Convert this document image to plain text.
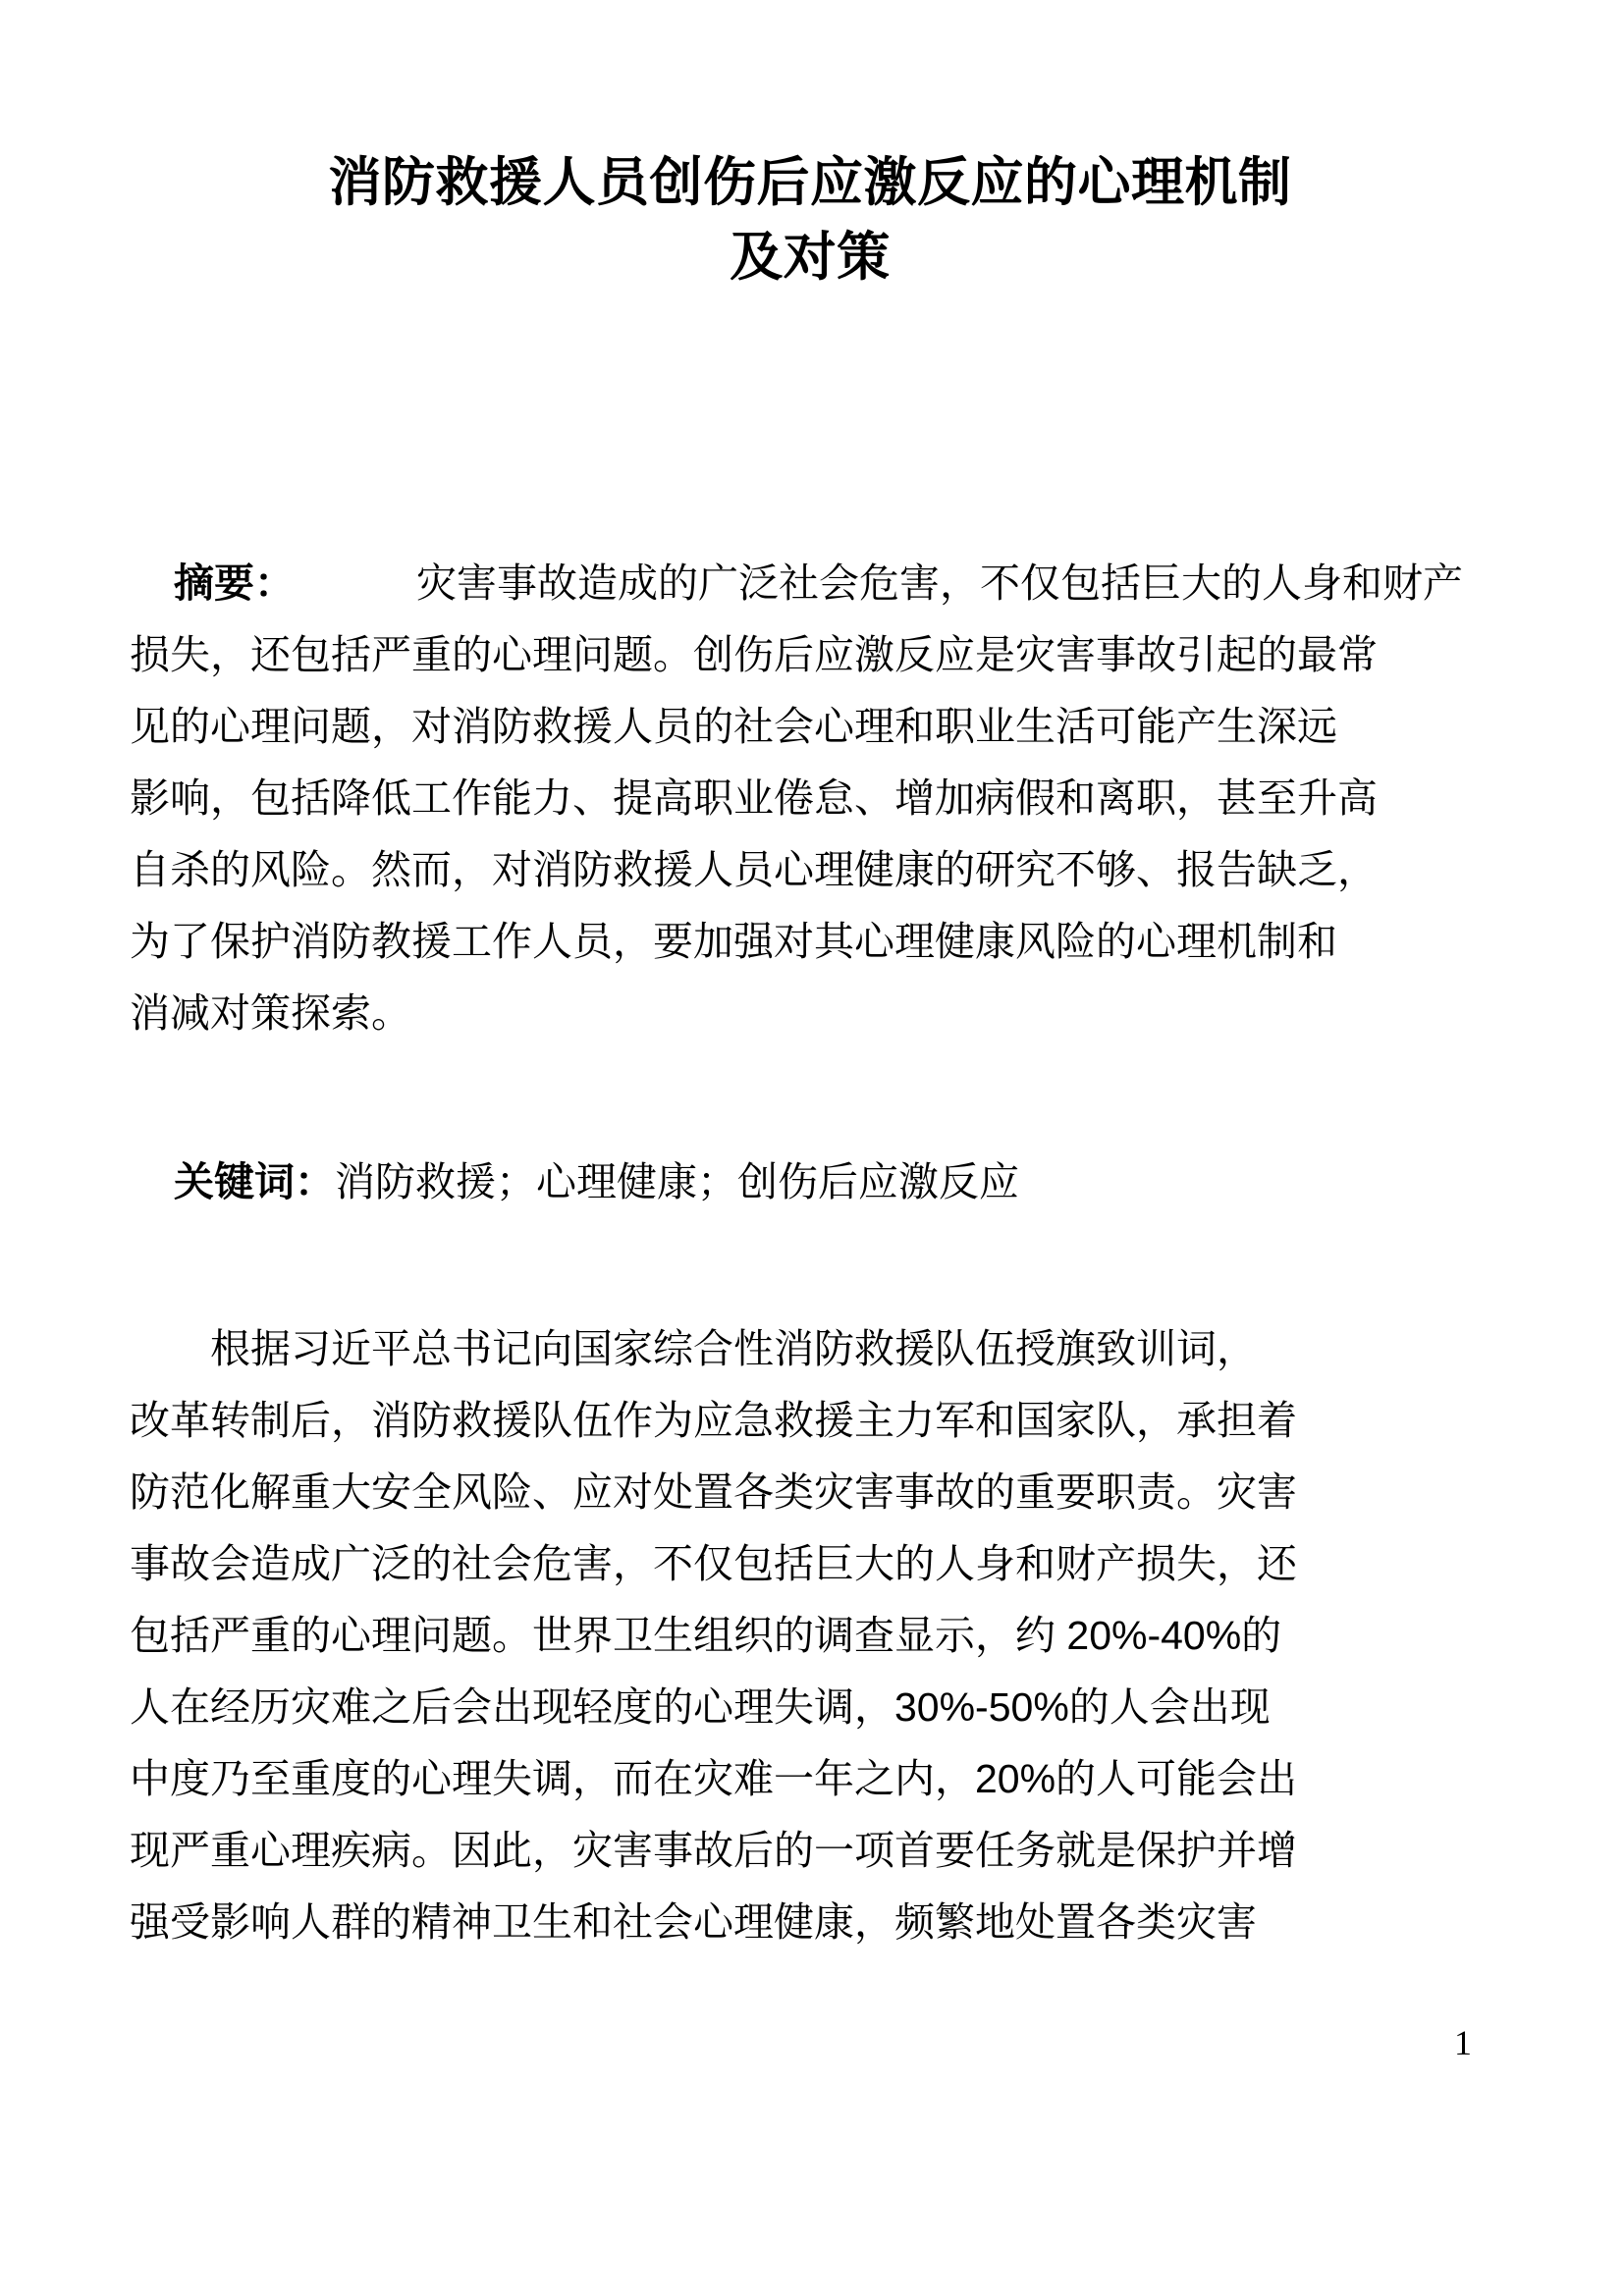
消防救援人员创伤后应激反应的心理机制
及对策
摘要：	灾害事故造成的广泛社会危害，不仅包括巨大的人身和财产
损失，还包括严重的心理问题。创伤后应激反应是灾害事故引起的最常
见的心理问题，对消防救援人员的社会心理和职业生活可能产生深远
影响，包括降低工作能力、提高职业倦怠、增加病假和离职，甚至升高
自杀的风险。然而，对消防救援人员心理健康的研究不够、报告缺乏，
为了保护消防教援工作人员，要加强对其心理健康风险的心理机制和
消减对策探索。
关键词：消防救援；心理健康；创伤后应激反应
根据习近平总书记向国家综合性消防救援队伍授旗致训词，
改革转制后，消防救援队伍作为应急救援主力军和国家队，承担着
防范化解重大安全风险、应对处置各类灾害事故的重要职责。灾害
事故会造成广泛的社会危害，不仅包括巨大的人身和财产损失，还
包括严重的心理问题。世界卫生组织的调查显示，约 20%-40%的
人在经历灾难之后会出现轻度的心理失调，30%-50%的人会出现
中度乃至重度的心理失调，而在灾难一年之内，20%的人可能会出
现严重心理疾病。因此，灾害事故后的一项首要任务就是保护并增
强受影响人群的精神卫生和社会心理健康，频繁地处置各类灾害
1
